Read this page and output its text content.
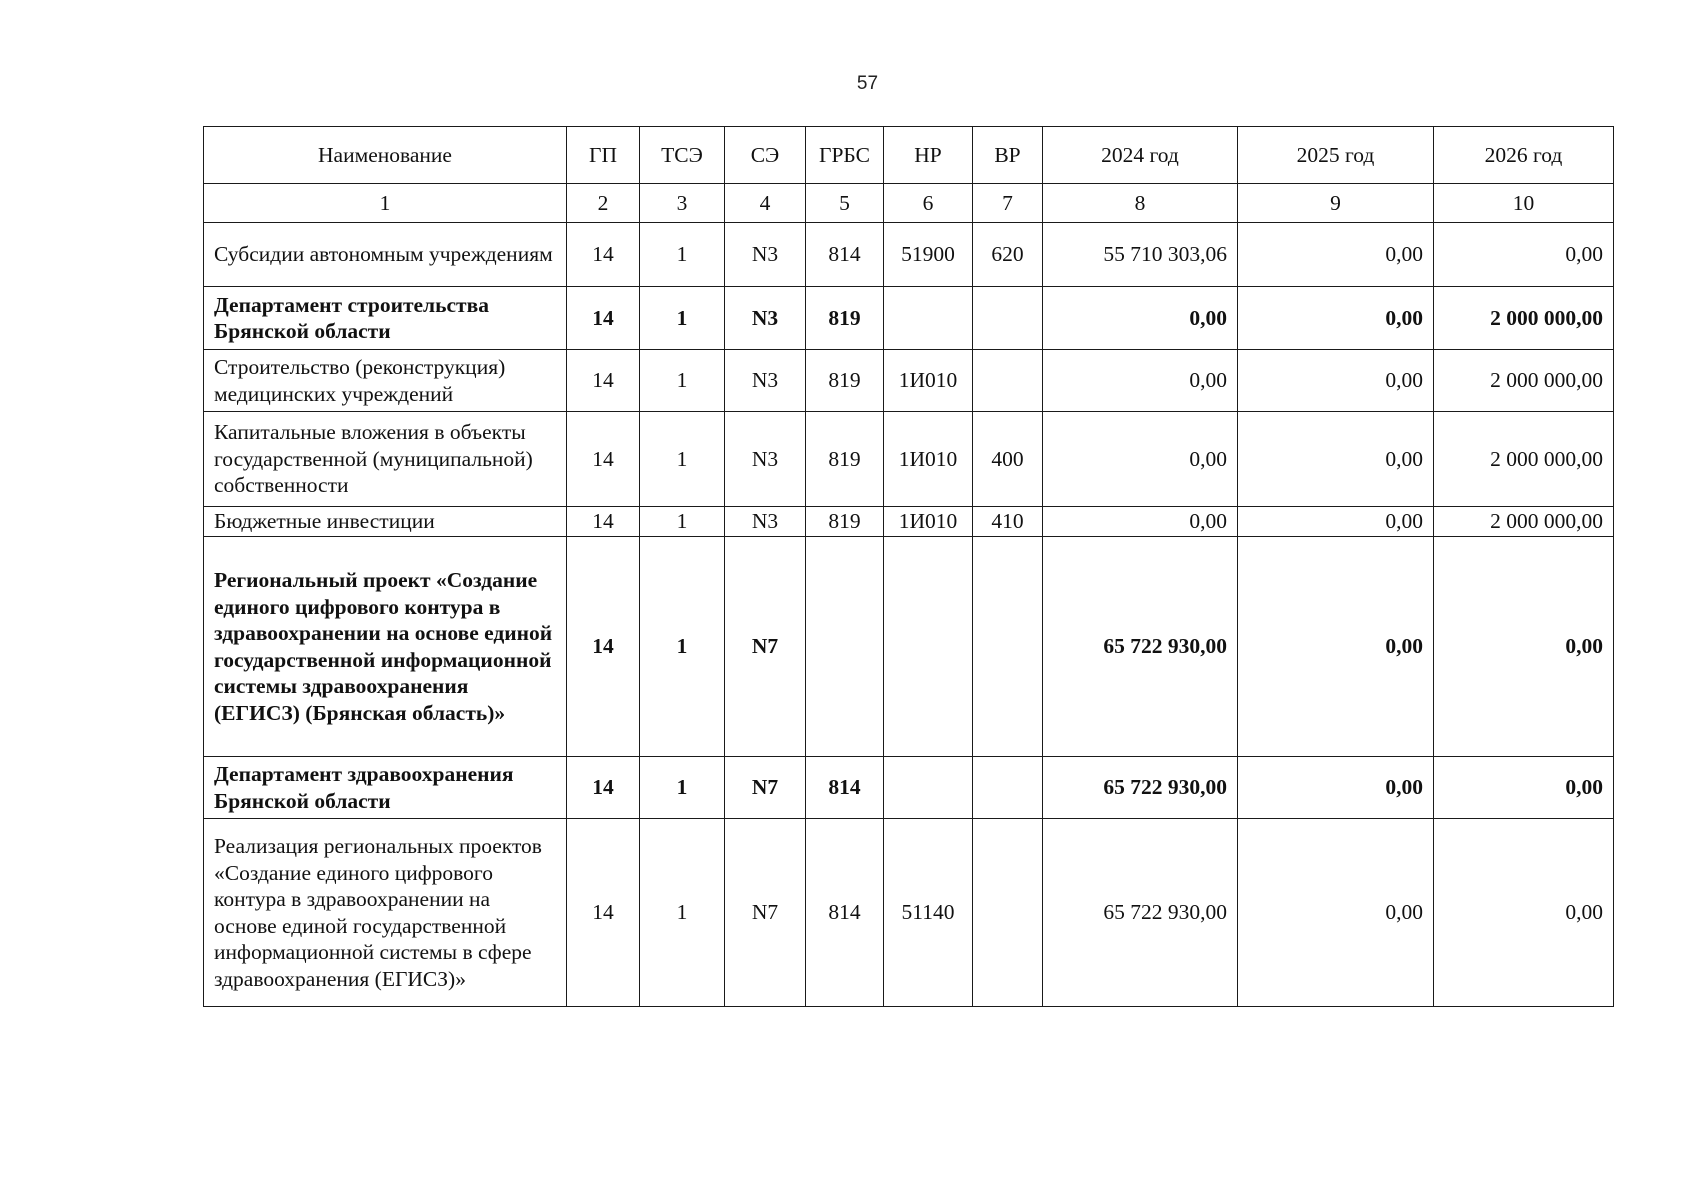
57
Наименование	ГП	ТСЭ	СЭ	ГРБС	НР	ВР	2024 год	2025 год	2026 год
1	2	3	4	5	6	7	8	9	10
Субсидии автономным учреждениям	14	1	N3	814	51900	620	55 710 303,06	0,00	0,00
Департамент строительства Брянской области	14	1	N3	819			0,00	0,00	2 000 000,00
Строительство (реконструкция) медицинских учреждений	14	1	N3	819	1И010		0,00	0,00	2 000 000,00
Капитальные вложения в объекты государственной (муниципальной) собственности	14	1	N3	819	1И010	400	0,00	0,00	2 000 000,00
Бюджетные инвестиции	14	1	N3	819	1И010	410	0,00	0,00	2 000 000,00
Региональный проект «Создание единого цифрового контура в здравоохранении на основе единой государственной информационной системы здравоохранения (ЕГИСЗ) (Брянская область)»	14	1	N7				65 722 930,00	0,00	0,00
Департамент здравоохранения Брянской области	14	1	N7	814			65 722 930,00	0,00	0,00
Реализация региональных проектов «Создание единого цифрового контура в здравоохранении на основе единой государственной информационной системы в сфере здравоохранения (ЕГИСЗ)»	14	1	N7	814	51140		65 722 930,00	0,00	0,00
